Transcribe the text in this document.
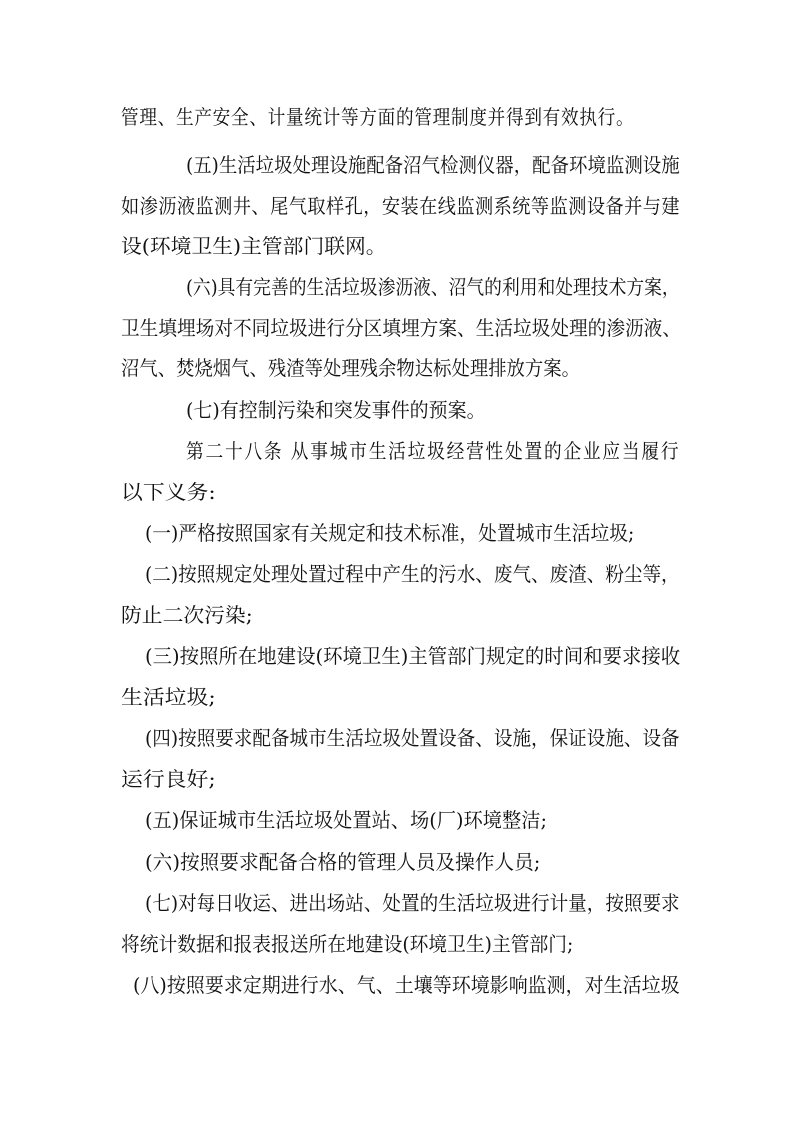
管理、生产安全、计量统计等方面的管理制度并得到有效执行。
(五)生活垃圾处理设施配备沼气检测仪器，配备环境监测设施
如渗沥液监测井、尾气取样孔，安装在线监测系统等监测设备并与建
设(环境卫生)主管部门联网。
(六)具有完善的生活垃圾渗沥液、沼气的利用和处理技术方案，
卫生填埋场对不同垃圾进行分区填埋方案、生活垃圾处理的渗沥液、
沼气、焚烧烟气、残渣等处理残余物达标处理排放方案。
(七)有控制污染和突发事件的预案。
第二十八条 从事城市生活垃圾经营性处置的企业应当履行
以下义务:
(一)严格按照国家有关规定和技术标准，处置城市生活垃圾;
(二)按照规定处理处置过程中产生的污水、废气、废渣、粉尘等，
防止二次污染;
(三)按照所在地建设(环境卫生)主管部门规定的时间和要求接收
生活垃圾;
(四)按照要求配备城市生活垃圾处置设备、设施，保证设施、设备
运行良好;
(五)保证城市生活垃圾处置站、场(厂)环境整洁;
(六)按照要求配备合格的管理人员及操作人员;
(七)对每日收运、进出场站、处置的生活垃圾进行计量，按照要求
将统计数据和报表报送所在地建设(环境卫生)主管部门;
(八)按照要求定期进行水、气、土壤等环境影响监测，对生活垃圾
